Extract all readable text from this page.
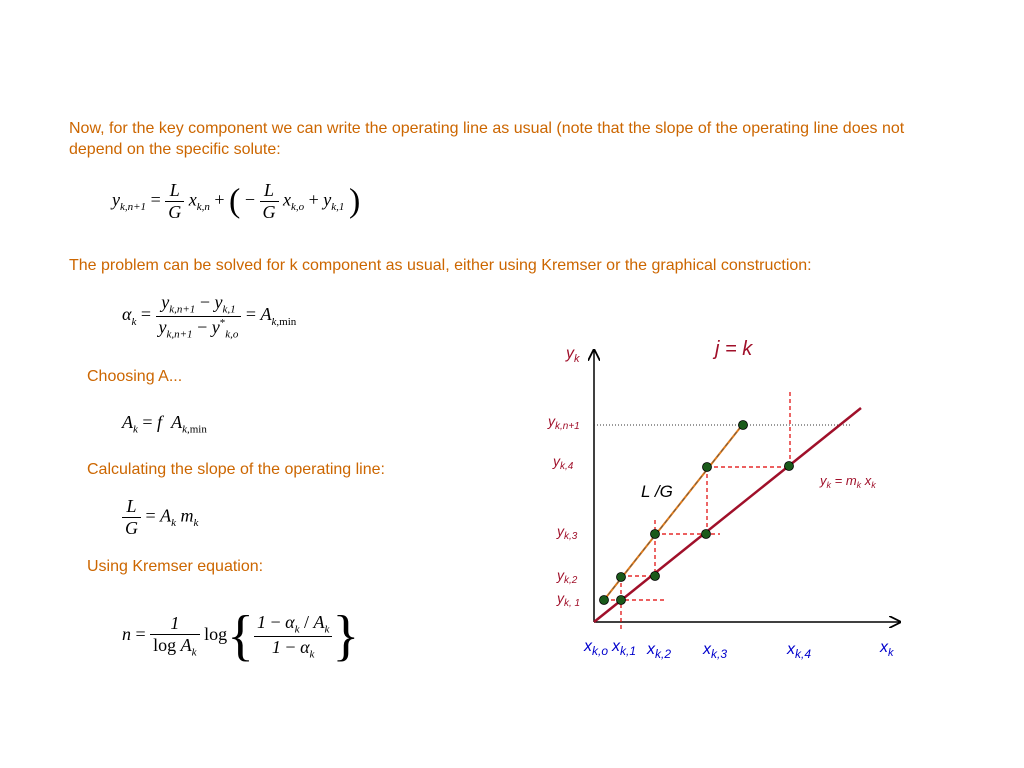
Now, for the key component we can write the operating line as usual (note that the slope of the operating line does not depend on the specific solute:
$y_{k,n+1} = \frac{L}{G} x_{k,n}$ + ( − $\frac{L}{G} x_{k,o} + y_{k,1}$ )
The problem can be solved for k component as usual, either using Kremser or the graphical construction:
$\alpha_k = \frac{y_{k,n+1} - y_{k,1}}{y_{k,n+1} - y^*_{k,o}} = A_{k,min}$
Choosing A...
$A_k = f$ $A_{k,min}$
Calculating the slope of the operating line:
$\frac{L}{G} = A_k$ $m_k$
Using Kremser equation:
$n = \frac{1}{\log A_k} \log\{ \frac{1 - \alpha_k / A_k}{1 - \alpha_k}$ }
j = k
$y_k$
$x_k$
$y_k = m_k$ $x_k$
L /G
$y_{k,n+1}$
$y_{k,4}$
$y_{k,3}$
$y_{k,2}$
$y_{k, 1}$
$x_{k,o}$ $x_{k,1}$ $x_{k,2}$ $x_{k,3}$	$x_{k,4}$
